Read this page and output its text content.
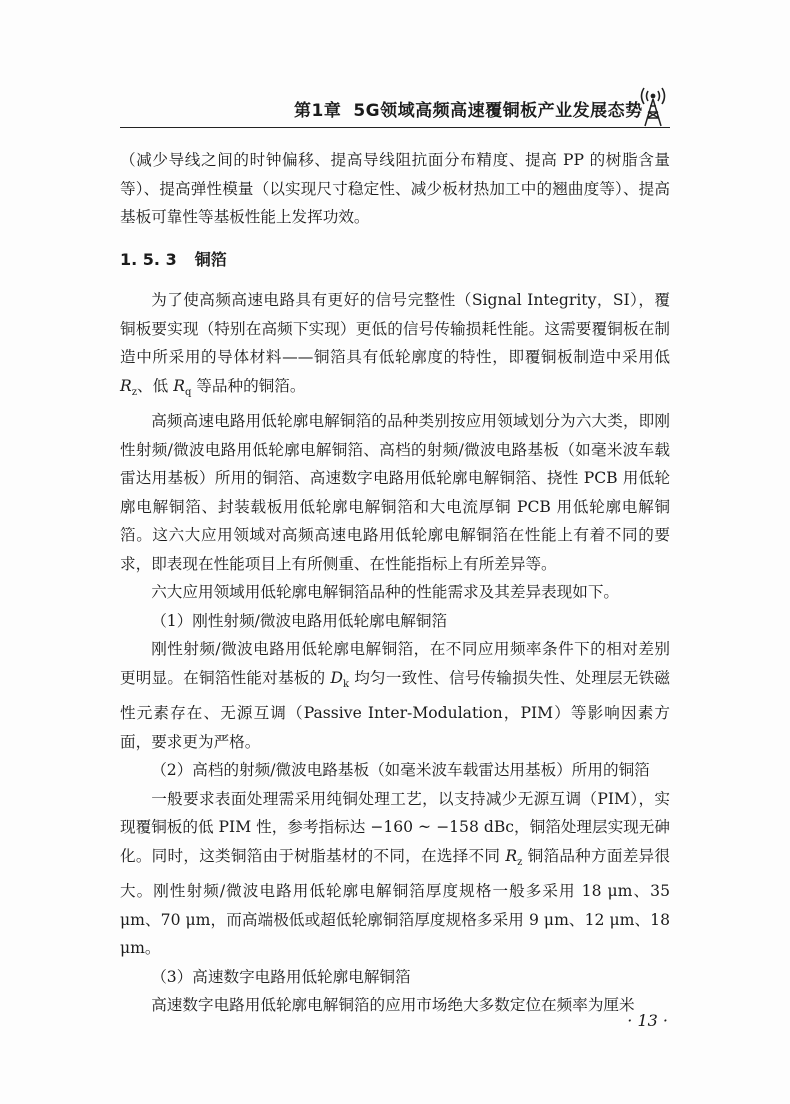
第1章 5G领域高频高速覆铜板产业发展态势

（减少导线之间的时钟偏移、提高导线阻抗面分布精度、提高 PP 的树脂含量等）、提高弹性模量（以实现尺寸稳定性、减少板材热加工中的翘曲度等）、提高基板可靠性等基板性能上发挥功效。

1. 5. 3 铜箔

为了使高频高速电路具有更好的信号完整性（Signal Integrity，SI），覆铜板要实现（特别在高频下实现）更低的信号传输损耗性能。这需要覆铜板在制造中所采用的导体材料——铜箔具有低轮廓度的特性，即覆铜板制造中采用低 $R_z$、低 $R_q$ 等品种的铜箔。

高频高速电路用低轮廓电解铜箔的品种类别按应用领域划分为六大类，即刚性射频/微波电路用低轮廓电解铜箔、高档的射频/微波电路基板（如毫米波车载雷达用基板）所用的铜箔、高速数字电路用低轮廓电解铜箔、挠性 PCB 用低轮廓电解铜箔、封装载板用低轮廓电解铜箔和大电流厚铜 PCB 用低轮廓电解铜箔。这六大应用领域对高频高速电路用低轮廓电解铜箔在性能上有着不同的要求，即表现在性能项目上有所侧重、在性能指标上有所差异等。

六大应用领域用低轮廓电解铜箔品种的性能需求及其差异表现如下。

（1）刚性射频/微波电路用低轮廓电解铜箔

刚性射频/微波电路用低轮廓电解铜箔，在不同应用频率条件下的相对差别更明显。在铜箔性能对基板的 $D_k$ 均匀一致性、信号传输损失性、处理层无铁磁性元素存在、无源互调（Passive Inter-Modulation，PIM）等影响因素方面，要求更为严格。

（2）高档的射频/微波电路基板（如毫米波车载雷达用基板）所用的铜箔

一般要求表面处理需采用纯铜处理工艺，以支持减少无源互调（PIM），实现覆铜板的低 PIM 性，参考指标达 −160 ~ −158 dBc，铜箔处理层实现无砷化。同时，这类铜箔由于树脂基材的不同，在选择不同 $R_z$ 铜箔品种方面差异很大。刚性射频/微波电路用低轮廓电解铜箔厚度规格一般多采用 18 μm、35 μm、70 μm，而高端极低或超低轮廓铜箔厚度规格多采用 9 μm、12 μm、18 μm。

（3）高速数字电路用低轮廓电解铜箔

高速数字电路用低轮廓电解铜箔的应用市场绝大多数定位在频率为厘米

· 13 ·
